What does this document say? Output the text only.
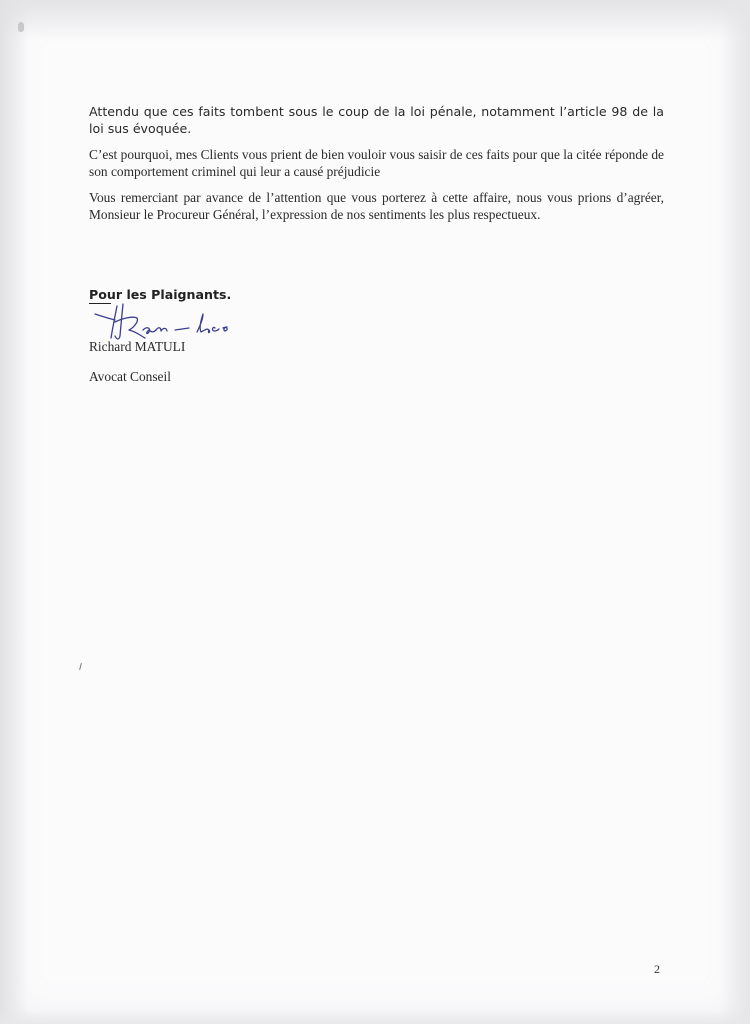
Attendu que ces faits tombent sous le coup de la loi pénale, notamment l’article 98 de la loi sus évoquée.

C’est pourquoi, mes Clients vous prient de bien vouloir vous saisir de ces faits pour que la citée réponde de son comportement criminel qui leur a causé préjudicie

Vous remerciant par avance de l’attention que vous porterez à cette affaire, nous vous prions d’agréer, Monsieur le Procureur Général, l’expression de nos sentiments les plus respectueux.

Pour les Plaignants.
Richard MATULI
Avocat Conseil
2
